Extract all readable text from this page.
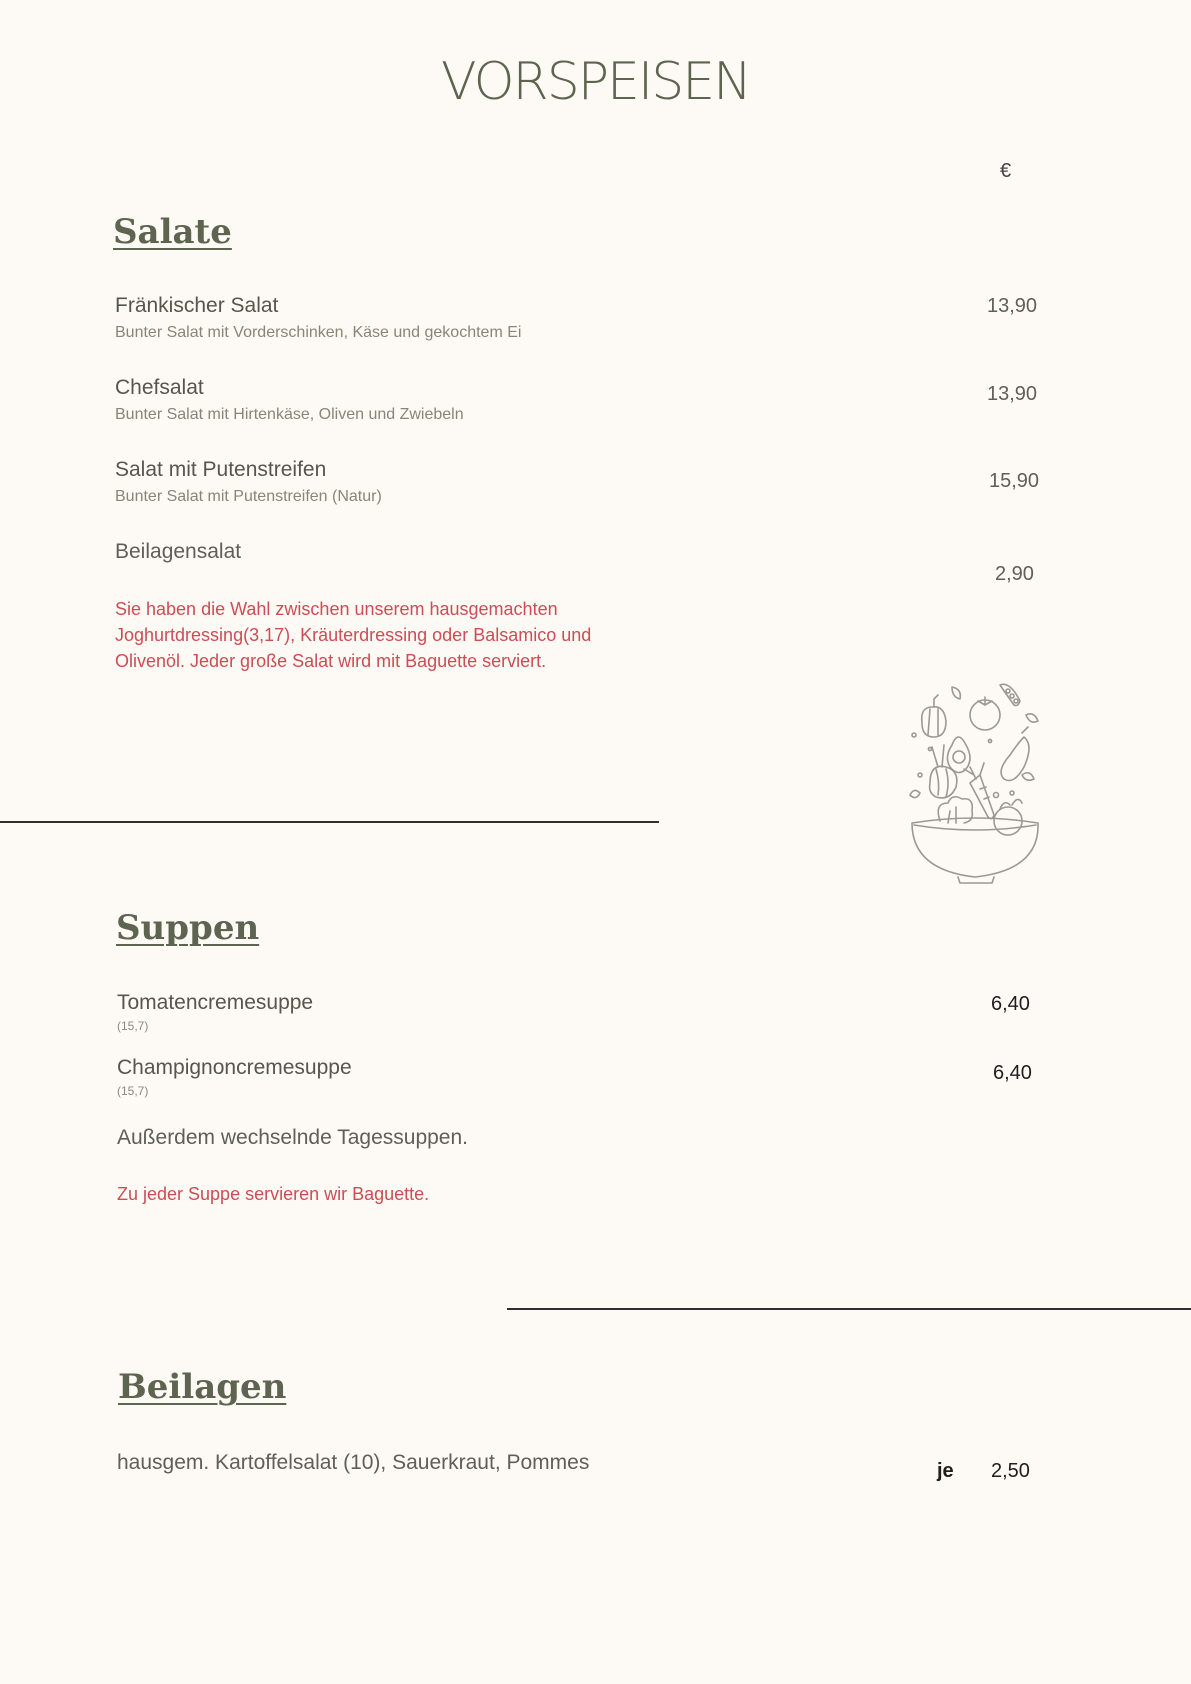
VORSPEISEN
€
Salate
Fränkischer Salat
Bunter Salat mit Vorderschinken, Käse und gekochtem Ei
13,90
Chefsalat
Bunter Salat mit Hirtenkäse, Oliven und Zwiebeln
13,90
Salat mit Putenstreifen
Bunter Salat mit Putenstreifen (Natur)
15,90
Beilagensalat
2,90
Sie haben die Wahl zwischen unserem hausgemachten Joghurtdressing(3,17), Kräuterdressing oder Balsamico und Olivenöl. Jeder große Salat wird mit Baguette serviert.
Suppen
Tomatencremesuppe
(15,7)
6,40
Champignoncremesuppe
(15,7)
6,40
Außerdem wechselnde Tagessuppen.
Zu jeder Suppe servieren wir Baguette.
Beilagen
hausgem. Kartoffelsalat (10), Sauerkraut, Pommes	je 2,50
